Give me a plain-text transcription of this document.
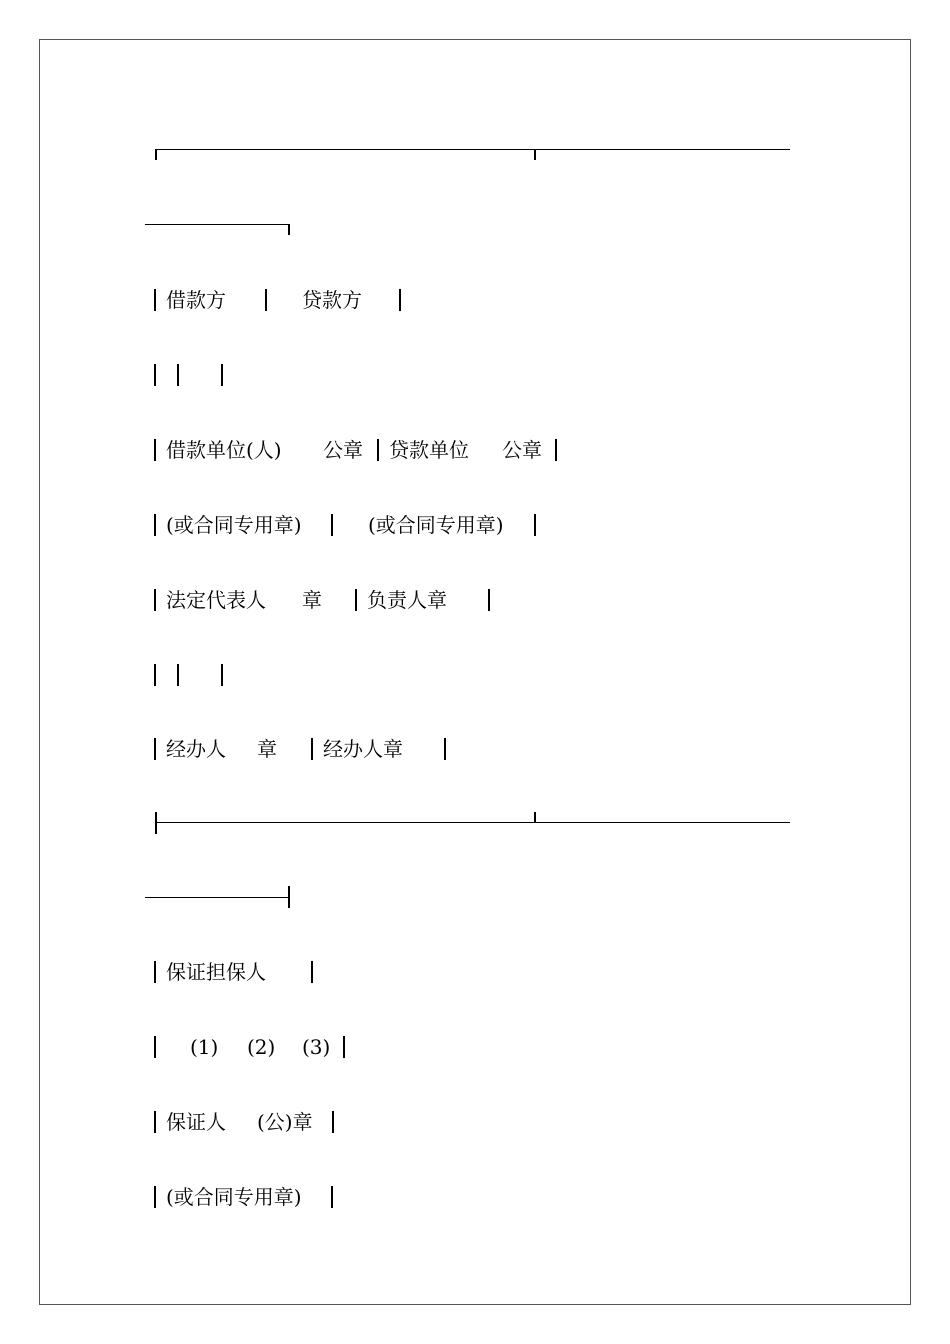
借款方	贷款方
借款单位(人) 公章 贷款单位 公章
(或合同专用章)	(或合同专用章)
法定代表人 章 负责人章
经办人 章 经办人章
保证担保人
(1) (2) (3)
保证人 (公)章
(或合同专用章)
